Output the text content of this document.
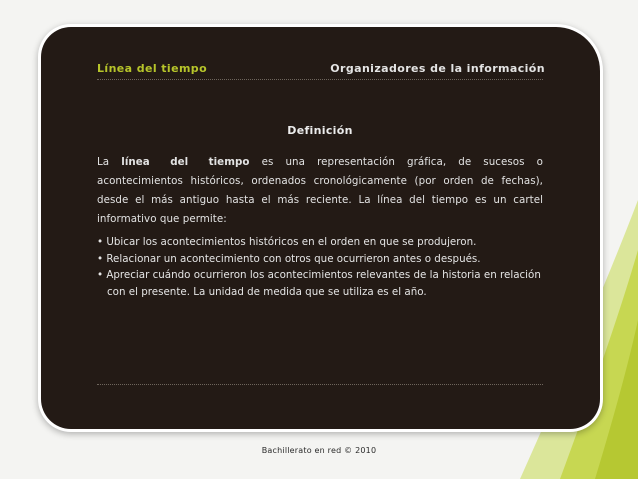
Línea del tiempo	Organizadores de la información
Definición

La línea del tiempo es una representación gráfica, de sucesos o acontecimientos históricos, ordenados cronológicamente (por orden de fechas), desde el más antiguo hasta el más reciente. La línea del tiempo es un cartel informativo que permite:

• Ubicar los acontecimientos históricos en el orden en que se produjeron.
• Relacionar un acontecimiento con otros que ocurrieron antes o después.
• Apreciar cuándo ocurrieron los acontecimientos relevantes de la historia en relación con el presente. La unidad de medida que se utiliza es el año.
Bachillerato en red © 2010
